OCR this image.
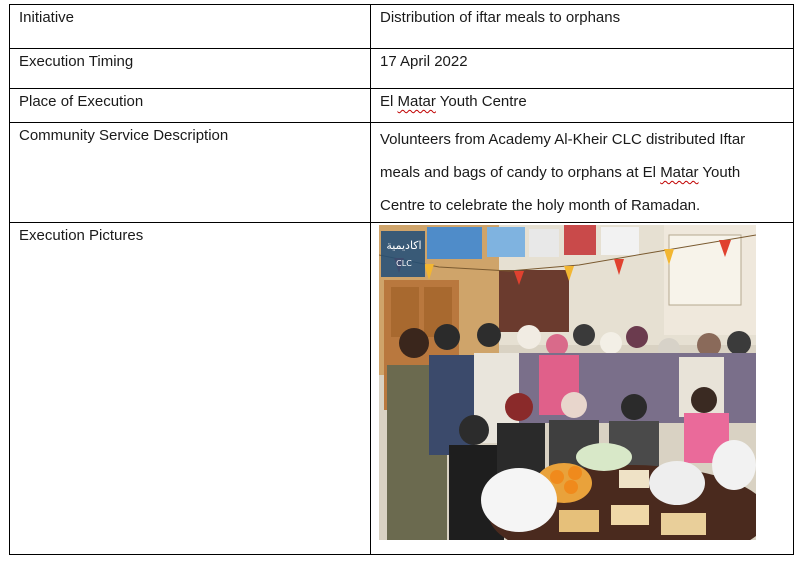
Initiative	Distribution of iftar meals to orphans
Execution Timing	17 April 2022
Place of Execution	El Matar Youth Centre
Community Service Description	Volunteers from Academy Al-Kheir CLC distributed Iftar
meals and bags of candy to orphans at El Matar Youth
Centre to celebrate the holy month of Ramadan.

Execution Pictures	اكاديمية
CLC
